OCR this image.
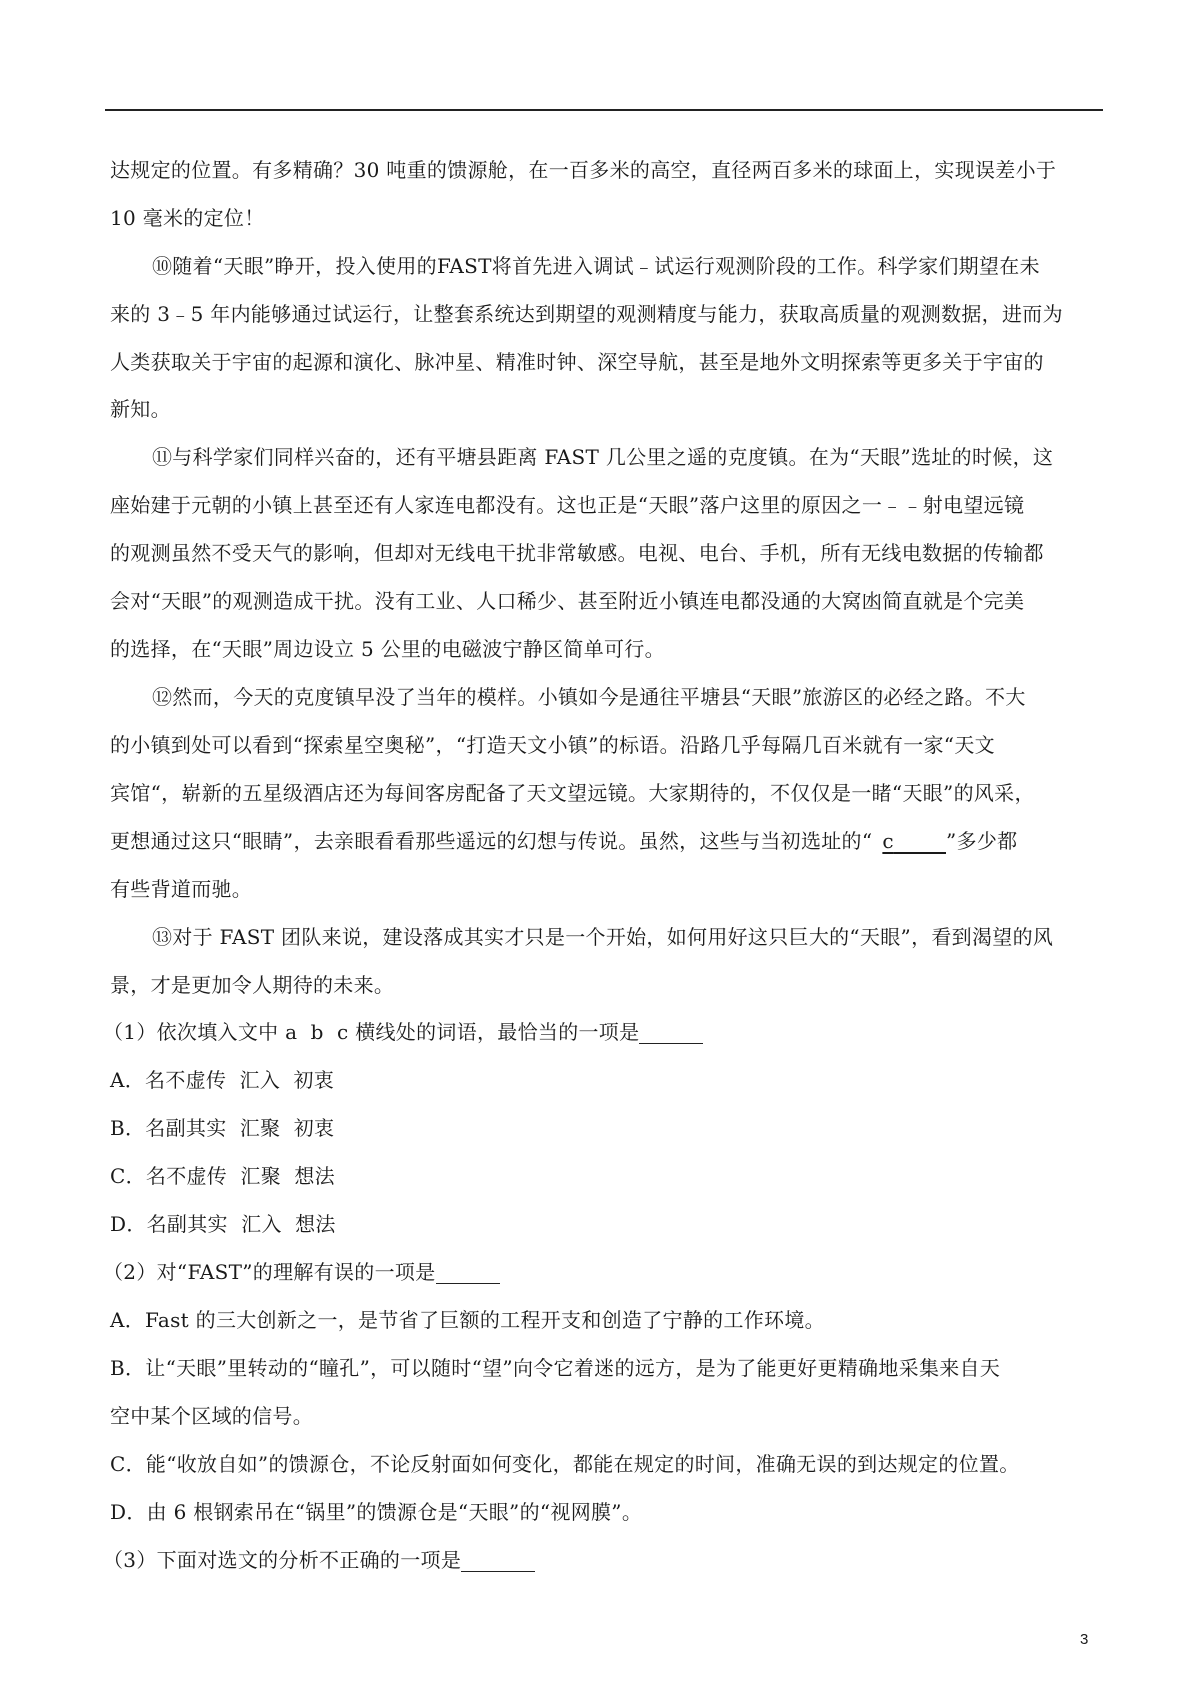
达规定的位置。有多精确？30 吨重的馈源舱，在一百多米的高空，直径两百多米的球面上，实现误差小于
10 毫米的定位！
⑩随着“天眼”睁开，投入使用的FAST将首先进入调试﹣试运行观测阶段的工作。科学家们期望在未
来的 3﹣5 年内能够通过试运行，让整套系统达到期望的观测精度与能力，获取高质量的观测数据，进而为
人类获取关于宇宙的起源和演化、脉冲星、精准时钟、深空导航，甚至是地外文明探索等更多关于宇宙的
新知。
⑪与科学家们同样兴奋的，还有平塘县距离 FAST 几公里之遥的克度镇。在为“天眼”选址的时候，这
座始建于元朝的小镇上甚至还有人家连电都没有。这也正是“天眼”落户这里的原因之一﹣﹣射电望远镜
的观测虽然不受天气的影响，但却对无线电干扰非常敏感。电视、电台、手机，所有无线电数据的传输都
会对“天眼”的观测造成干扰。没有工业、人口稀少、甚至附近小镇连电都没通的大窝凼简直就是个完美
的选择，在“天眼”周边设立 5 公里的电磁波宁静区简单可行。
⑫然而，今天的克度镇早没了当年的模样。小镇如今是通往平塘县“天眼”旅游区的必经之路。不大
的小镇到处可以看到“探索星空奥秘”，“打造天文小镇”的标语。沿路几乎每隔几百米就有一家“天文
宾馆“，崭新的五星级酒店还为每间客房配备了天文望远镜。大家期待的，不仅仅是一睹“天眼”的风采，
更想通过这只“眼睛”，去亲眼看看那些遥远的幻想与传说。虽然，这些与当初选址的“ c    	”多少都
有些背道而驰。
⑬对于 FAST 团队来说，建设落成其实才只是一个开始，如何用好这只巨大的“天眼”，看到渴望的风
景，才是更加令人期待的未来。
（1）依次填入文中 a  b  c 横线处的词语，最恰当的一项是
A．名不虚传  汇入  初衷
B．名副其实  汇聚  初衷
C．名不虚传  汇聚  想法
D．名副其实  汇入  想法
（2）对“FAST”的理解有误的一项是
A．Fast 的三大创新之一，是节省了巨额的工程开支和创造了宁静的工作环境。
B．让“天眼”里转动的“瞳孔”，可以随时“望”向令它着迷的远方，是为了能更好更精确地采集来自天
空中某个区域的信号。
C．能“收放自如”的馈源仓，不论反射面如何变化，都能在规定的时间，准确无误的到达规定的位置。
D．由 6 根钢索吊在“锅里”的馈源仓是“天眼”的“视网膜”。
（3）下面对选文的分析不正确的一项是
3
